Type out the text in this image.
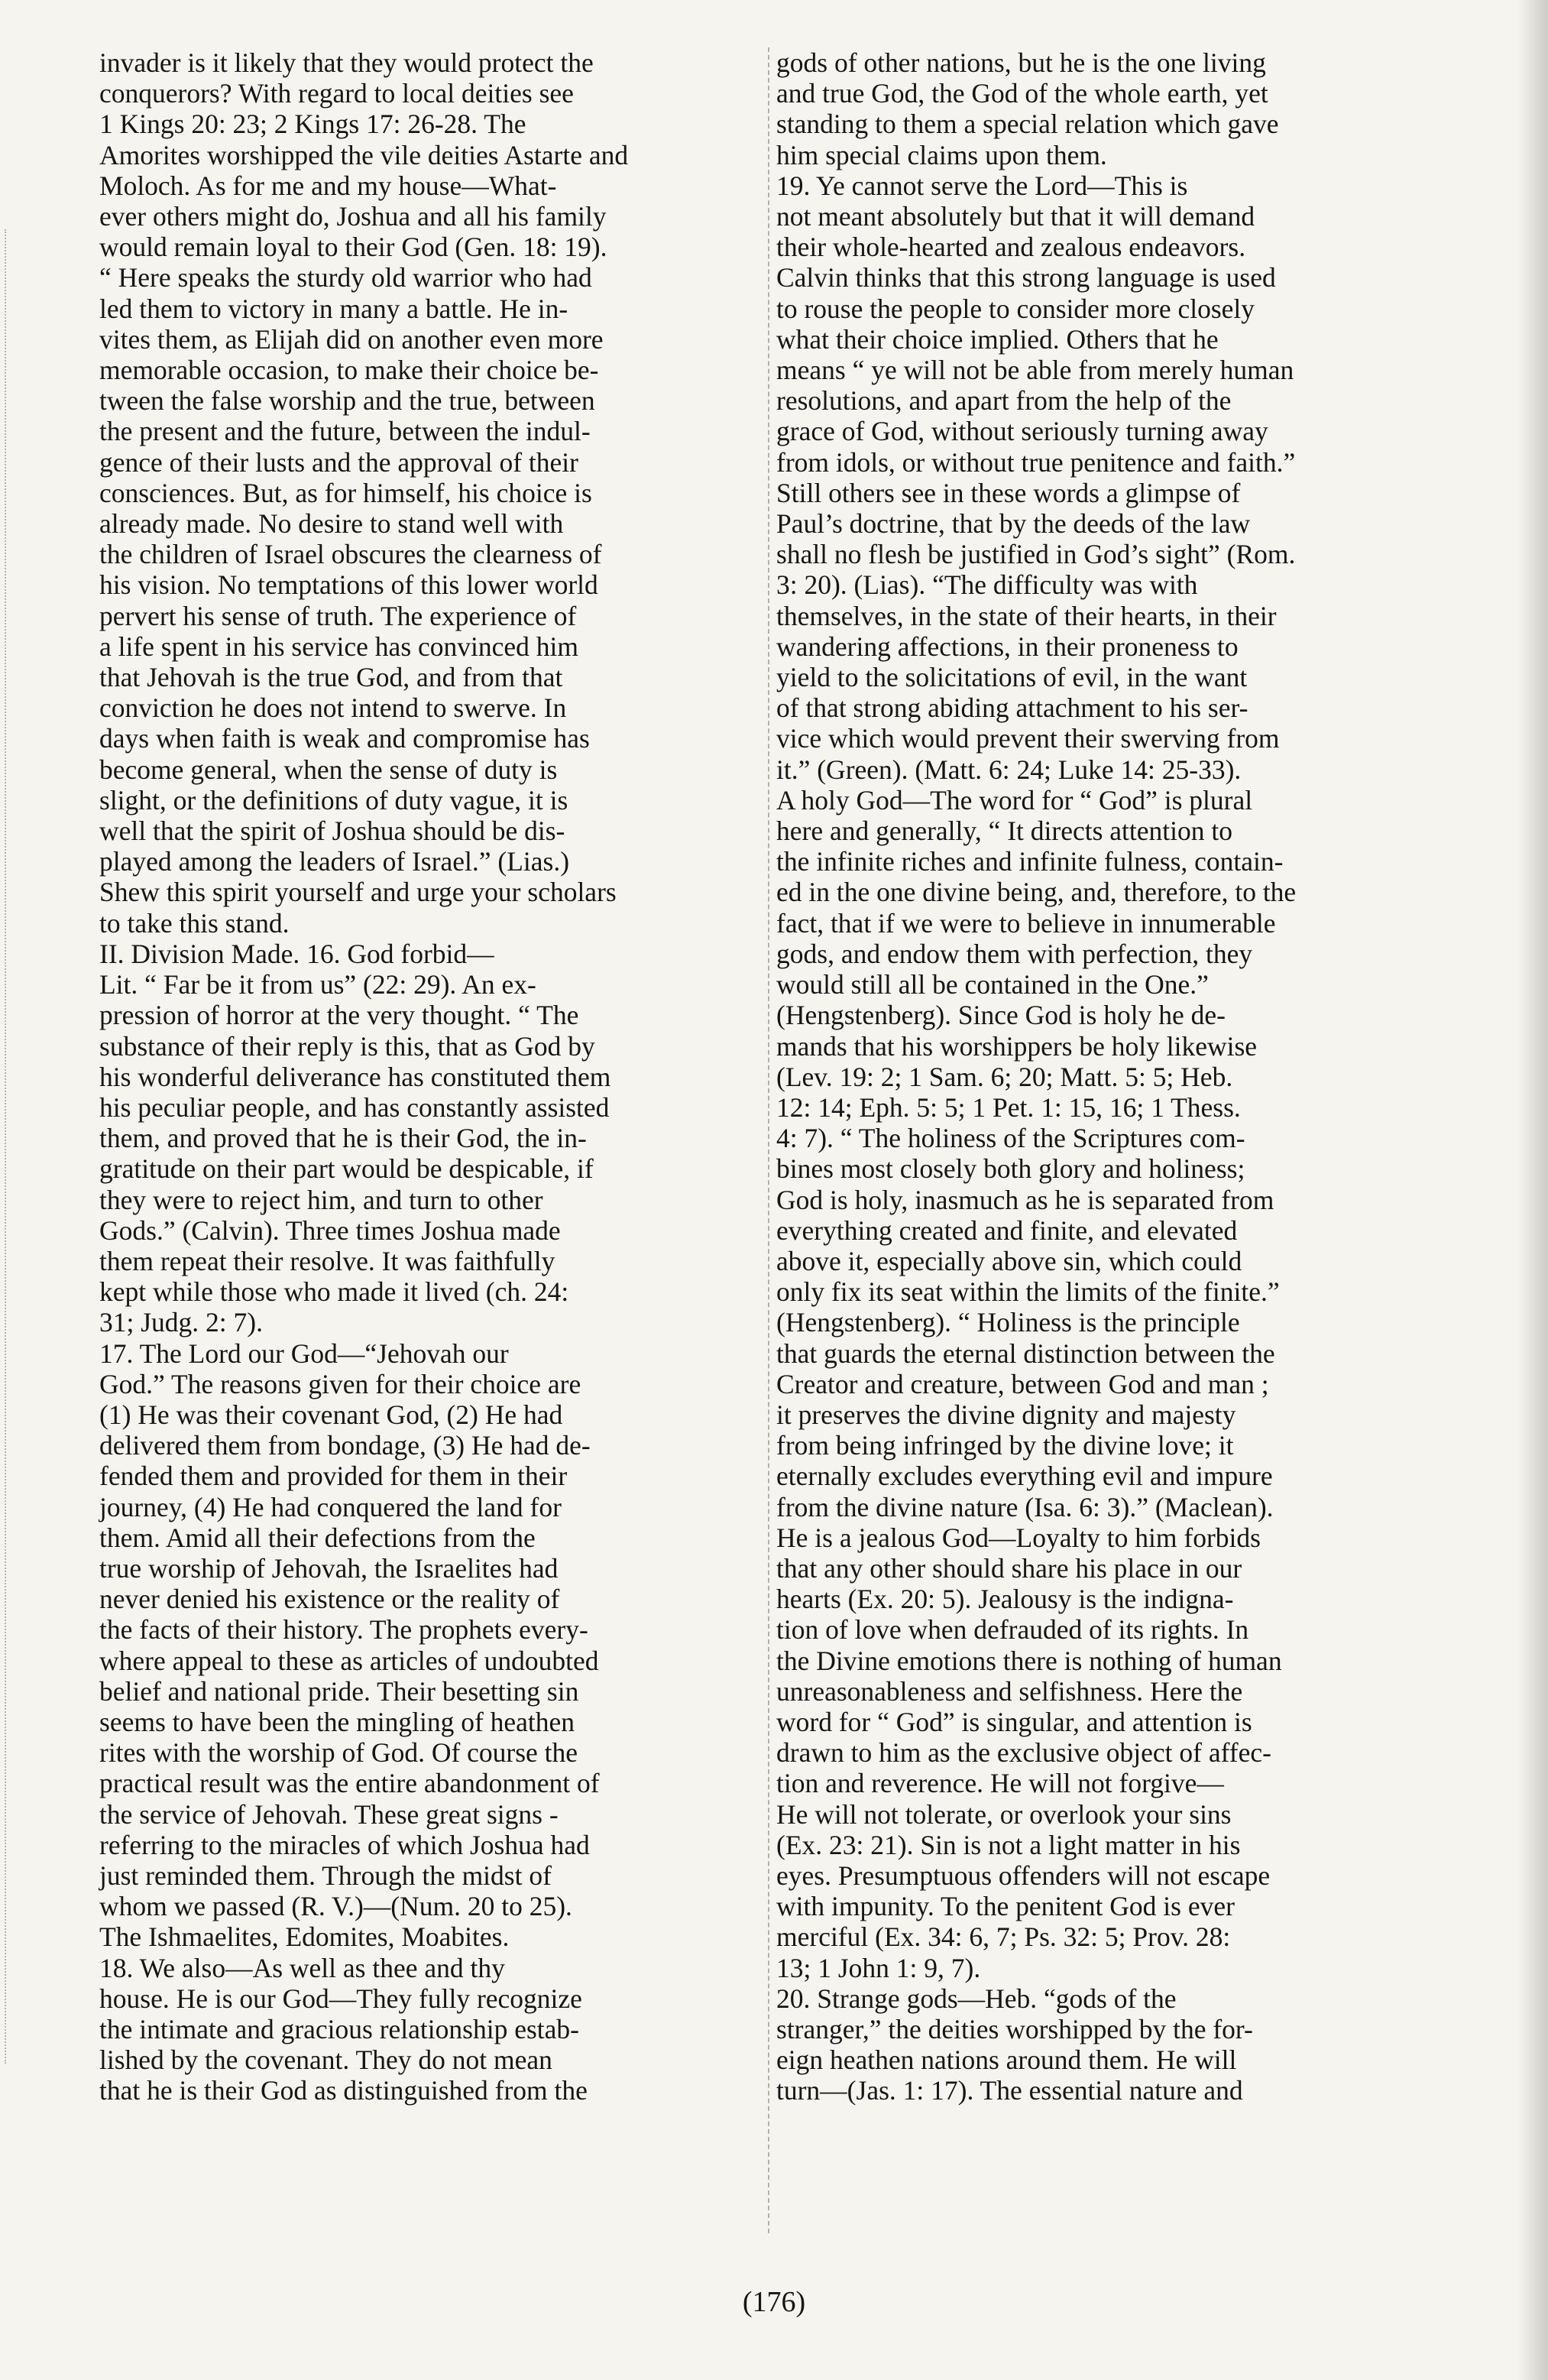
invader is it likely that they would protect the
conquerors? With regard to local deities see
1 Kings 20: 23; 2 Kings 17: 26-28. The
Amorites worshipped the vile deities Astarte and
Moloch. As for me and my house—What-
ever others might do, Joshua and all his family
would remain loyal to their God (Gen. 18: 19).
“ Here speaks the sturdy old warrior who had
led them to victory in many a battle. He in-
vites them, as Elijah did on another even more
memorable occasion, to make their choice be-
tween the false worship and the true, between
the present and the future, between the indul-
gence of their lusts and the approval of their
consciences. But, as for himself, his choice is
already made. No desire to stand well with
the children of Israel obscures the clearness of
his vision. No temptations of this lower world
pervert his sense of truth. The experience of
a life spent in his service has convinced him
that Jehovah is the true God, and from that
conviction he does not intend to swerve. In
days when faith is weak and compromise has
become general, when the sense of duty is
slight, or the definitions of duty vague, it is
well that the spirit of Joshua should be dis-
played among the leaders of Israel.” (Lias.)
Shew this spirit yourself and urge your scholars
to take this stand.
II. Division Made. 16. God forbid—
Lit. “ Far be it from us” (22: 29). An ex-
pression of horror at the very thought. “ The
substance of their reply is this, that as God by
his wonderful deliverance has constituted them
his peculiar people, and has constantly assisted
them, and proved that he is their God, the in-
gratitude on their part would be despicable, if
they were to reject him, and turn to other
Gods.” (Calvin). Three times Joshua made
them repeat their resolve. It was faithfully
kept while those who made it lived (ch. 24:
31; Judg. 2: 7).
17. The Lord our God—“Jehovah our
God.” The reasons given for their choice are
(1) He was their covenant God, (2) He had
delivered them from bondage, (3) He had de-
fended them and provided for them in their
journey, (4) He had conquered the land for
them. Amid all their defections from the
true worship of Jehovah, the Israelites had
never denied his existence or the reality of
the facts of their history. The prophets every-
where appeal to these as articles of undoubted
belief and national pride. Their besetting sin
seems to have been the mingling of heathen
rites with the worship of God. Of course the
practical result was the entire abandonment of
the service of Jehovah. These great signs -
referring to the miracles of which Joshua had
just reminded them. Through the midst of
whom we passed (R. V.)—(Num. 20 to 25).
The Ishmaelites, Edomites, Moabites.
18. We also—As well as thee and thy
house. He is our God—They fully recognize
the intimate and gracious relationship estab-
lished by the covenant. They do not mean
that he is their God as distinguished from the
gods of other nations, but he is the one living
and true God, the God of the whole earth, yet
standing to them a special relation which gave
him special claims upon them.
19. Ye cannot serve the Lord—This is
not meant absolutely but that it will demand
their whole-hearted and zealous endeavors.
Calvin thinks that this strong language is used
to rouse the people to consider more closely
what their choice implied. Others that he
means “ ye will not be able from merely human
resolutions, and apart from the help of the
grace of God, without seriously turning away
from idols, or without true penitence and faith.”
Still others see in these words a glimpse of
Paul’s doctrine, that by the deeds of the law
shall no flesh be justified in God’s sight” (Rom.
3: 20). (Lias). “The difficulty was with
themselves, in the state of their hearts, in their
wandering affections, in their proneness to
yield to the solicitations of evil, in the want
of that strong abiding attachment to his ser-
vice which would prevent their swerving from
it.” (Green). (Matt. 6: 24; Luke 14: 25-33).
A holy God—The word for “ God” is plural
here and generally, “ It directs attention to
the infinite riches and infinite fulness, contain-
ed in the one divine being, and, therefore, to the
fact, that if we were to believe in innumerable
gods, and endow them with perfection, they
would still all be contained in the One.”
(Hengstenberg). Since God is holy he de-
mands that his worshippers be holy likewise
(Lev. 19: 2; 1 Sam. 6; 20; Matt. 5: 5; Heb.
12: 14; Eph. 5: 5; 1 Pet. 1: 15, 16; 1 Thess.
4: 7). “ The holiness of the Scriptures com-
bines most closely both glory and holiness;
God is holy, inasmuch as he is separated from
everything created and finite, and elevated
above it, especially above sin, which could
only fix its seat within the limits of the finite.”
(Hengstenberg). “ Holiness is the principle
that guards the eternal distinction between the
Creator and creature, between God and man ;
it preserves the divine dignity and majesty
from being infringed by the divine love; it
eternally excludes everything evil and impure
from the divine nature (Isa. 6: 3).” (Maclean).
He is a jealous God—Loyalty to him forbids
that any other should share his place in our
hearts (Ex. 20: 5). Jealousy is the indigna-
tion of love when defrauded of its rights. In
the Divine emotions there is nothing of human
unreasonableness and selfishness. Here the
word for “ God” is singular, and attention is
drawn to him as the exclusive object of affec-
tion and reverence. He will not forgive—
He will not tolerate, or overlook your sins
(Ex. 23: 21). Sin is not a light matter in his
eyes. Presumptuous offenders will not escape
with impunity. To the penitent God is ever
merciful (Ex. 34: 6, 7; Ps. 32: 5; Prov. 28:
13; 1 John 1: 9, 7).
20. Strange gods—Heb. “gods of the
stranger,” the deities worshipped by the for-
eign heathen nations around them. He will
turn—(Jas. 1: 17). The essential nature and
(176)
